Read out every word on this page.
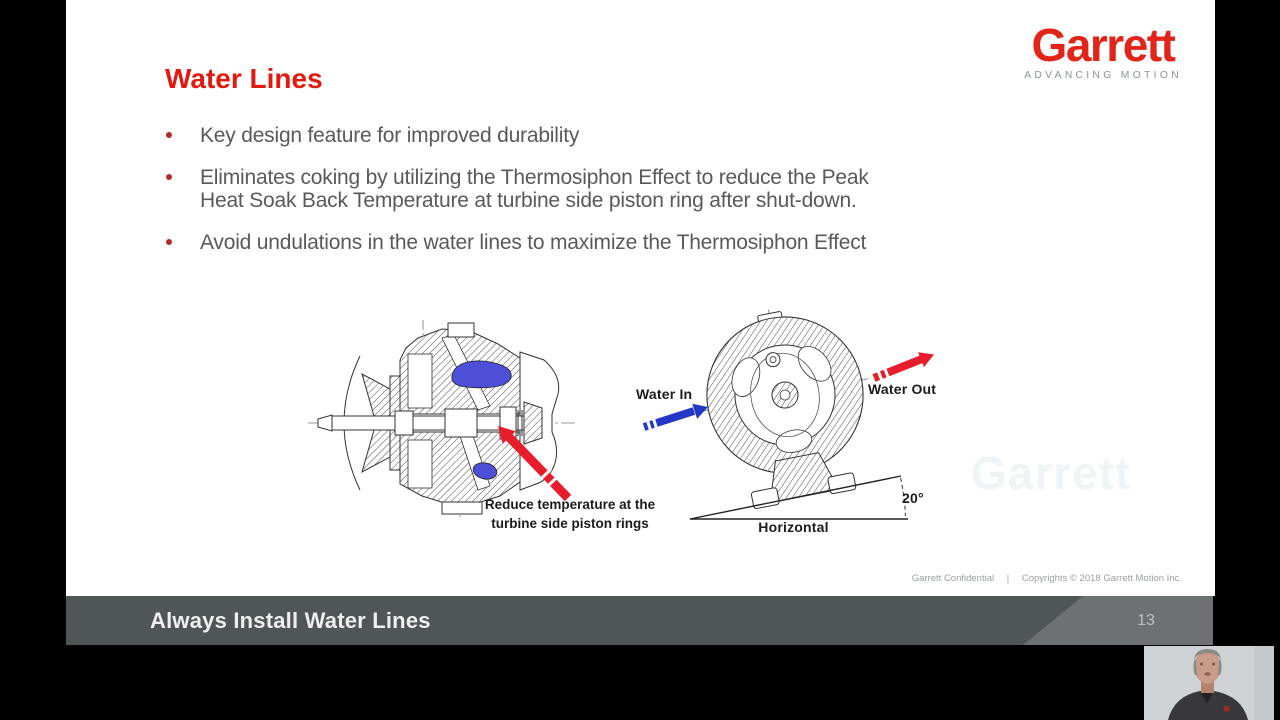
Water Lines
Garrett
ADVANCING MOTION
Key design feature for improved durability
Eliminates coking by utilizing the Thermosiphon Effect to reduce the Peak
Heat Soak Back Temperature at turbine side piston ring after shut-down.
Avoid undulations in the water lines to maximize the Thermosiphon Effect
Garrett
Water In	Water Out
20°
Horizontal
Reduce temperature at the
turbine side piston rings
Garrett Confidential | Copyrights © 2018 Garrett Motion Inc.
Always Install Water Lines	13
